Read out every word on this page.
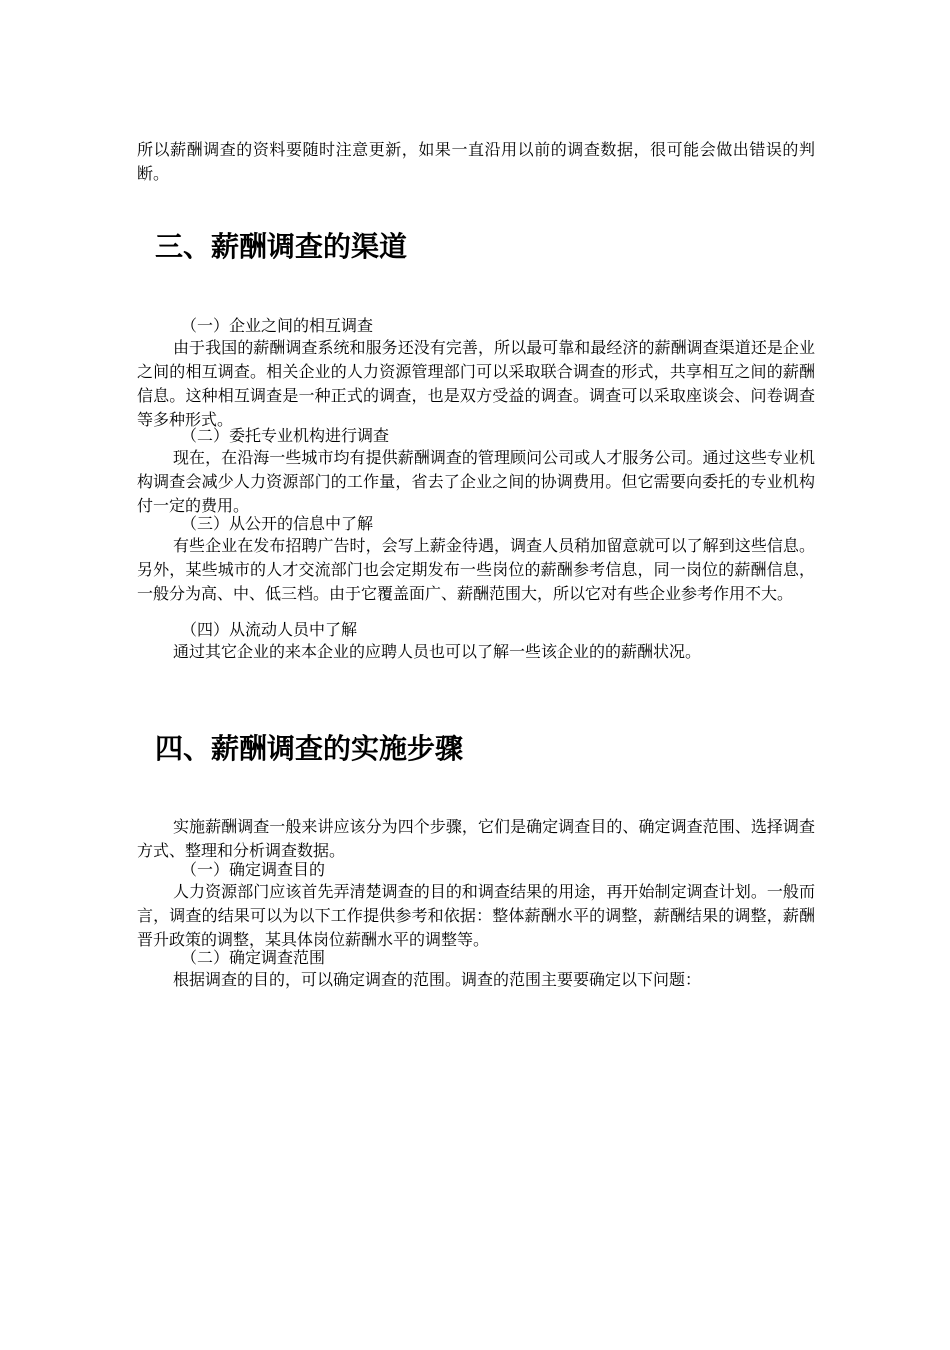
所以薪酬调查的资料要随时注意更新，如果一直沿用以前的调查数据，很可能会做出错误的判断。

三、薪酬调查的渠道

（一）企业之间的相互调查

由于我国的薪酬调查系统和服务还没有完善，所以最可靠和最经济的薪酬调查渠道还是企业之间的相互调查。相关企业的人力资源管理部门可以采取联合调查的形式，共享相互之间的薪酬信息。这种相互调查是一种正式的调查，也是双方受益的调查。调查可以采取座谈会、问卷调查等多种形式。

（二）委托专业机构进行调查

现在，在沿海一些城市均有提供薪酬调查的管理顾问公司或人才服务公司。通过这些专业机构调查会减少人力资源部门的工作量，省去了企业之间的协调费用。但它需要向委托的专业机构付一定的费用。

（三）从公开的信息中了解

有些企业在发布招聘广告时，会写上薪金待遇，调查人员稍加留意就可以了解到这些信息。另外，某些城市的人才交流部门也会定期发布一些岗位的薪酬参考信息，同一岗位的薪酬信息，一般分为高、中、低三档。由于它覆盖面广、薪酬范围大，所以它对有些企业参考作用不大。

（四）从流动人员中了解

通过其它企业的来本企业的应聘人员也可以了解一些该企业的的薪酬状况。

四、薪酬调查的实施步骤

实施薪酬调查一般来讲应该分为四个步骤，它们是确定调查目的、确定调查范围、选择调查方式、整理和分析调查数据。

（一）确定调查目的

人力资源部门应该首先弄清楚调查的目的和调查结果的用途，再开始制定调查计划。一般而言，调查的结果可以为以下工作提供参考和依据：整体薪酬水平的调整，薪酬结果的调整，薪酬晋升政策的调整，某具体岗位薪酬水平的调整等。

（二）确定调查范围

根据调查的目的，可以确定调查的范围。调查的范围主要要确定以下问题：
